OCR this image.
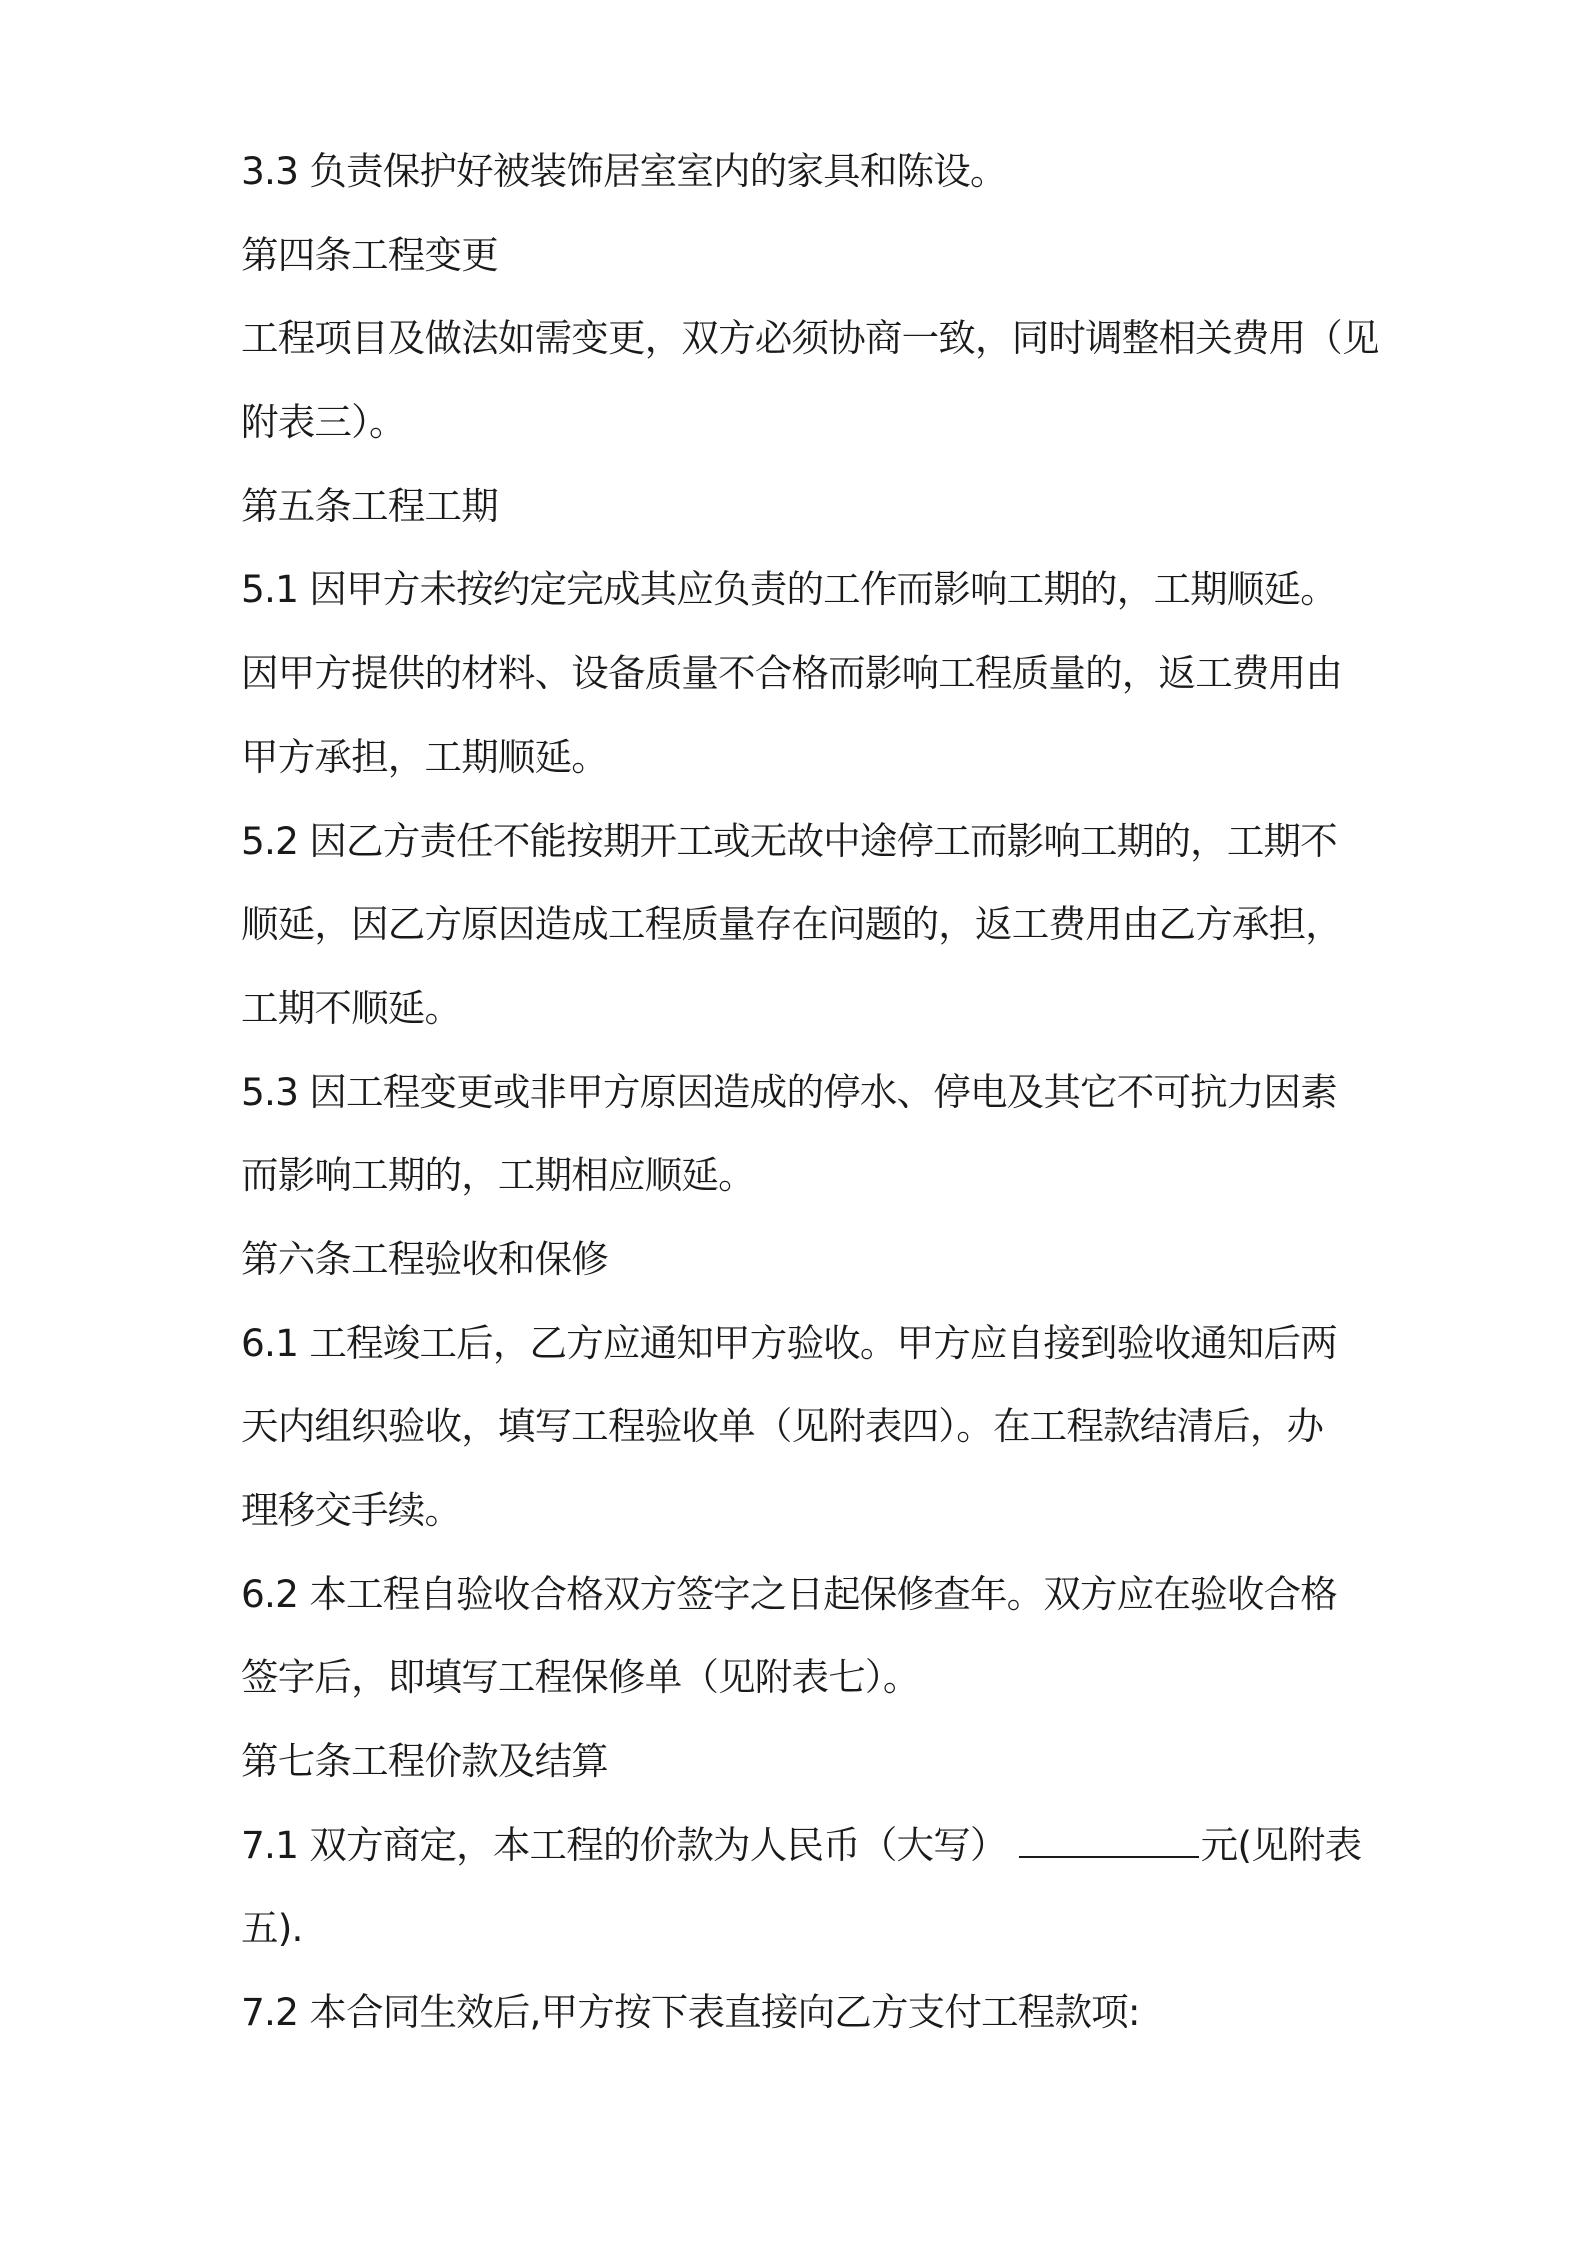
3.3 负责保护好被装饰居室室内的家具和陈设。

第四条工程变更

工程项目及做法如需变更，双方必须协商一致，同时调整相关费用（见

附表三）。

第五条工程工期

5.1 因甲方未按约定完成其应负责的工作而影响工期的，工期顺延。

因甲方提供的材料、设备质量不合格而影响工程质量的，返工费用由

甲方承担，工期顺延。

5.2 因乙方责任不能按期开工或无故中途停工而影响工期的，工期不

顺延，因乙方原因造成工程质量存在问题的，返工费用由乙方承担，

工期不顺延。

5.3 因工程变更或非甲方原因造成的停水、停电及其它不可抗力因素

而影响工期的，工期相应顺延。

第六条工程验收和保修

6.1 工程竣工后，乙方应通知甲方验收。甲方应自接到验收通知后两

天内组织验收，填写工程验收单（见附表四）。在工程款结清后，办

理移交手续。

6.2 本工程自验收合格双方签字之日起保修查年。双方应在验收合格

签字后，即填写工程保修单（见附表七）。

第七条工程价款及结算

7.1 双方商定，本工程的价款为人民币（大写）	元(见附表

五).

7.2 本合同生效后,甲方按下表直接向乙方支付工程款项:
